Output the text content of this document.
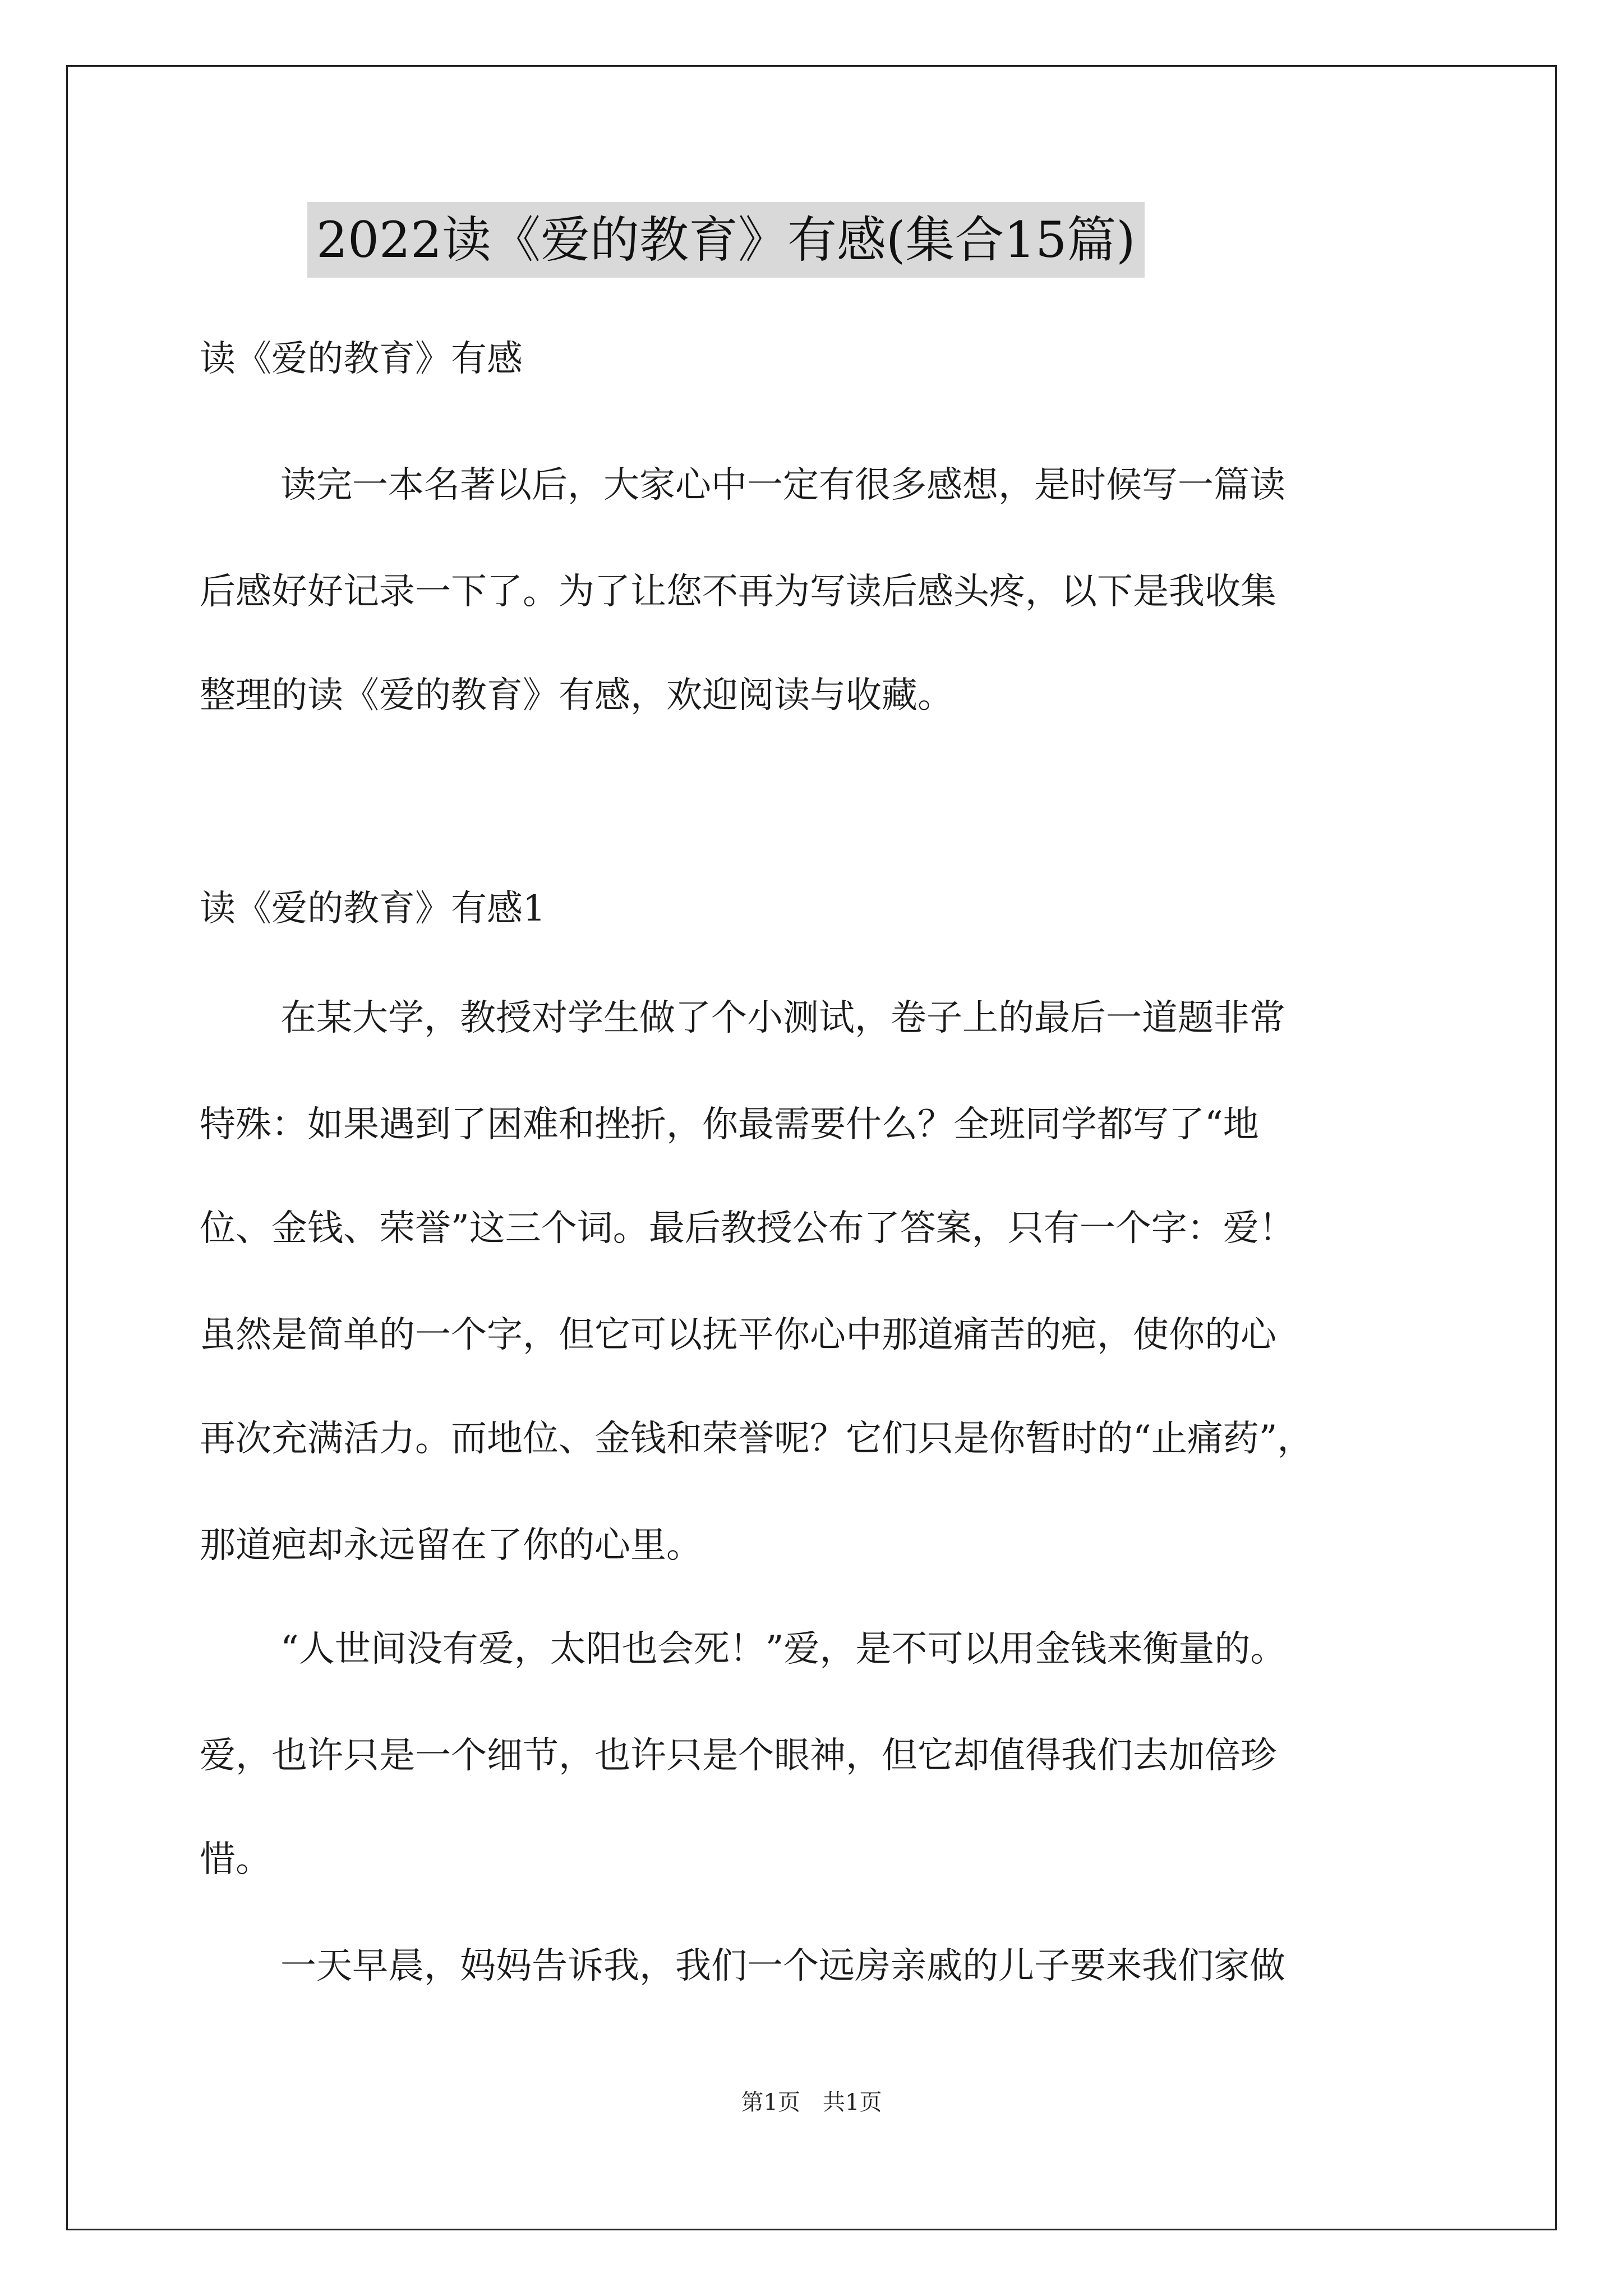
2022读《爱的教育》有感(集合15篇)
读《爱的教育》有感
读完一本名著以后，大家心中一定有很多感想，是时候写一篇读
后感好好记录一下了。为了让您不再为写读后感头疼，以下是我收集
整理的读《爱的教育》有感，欢迎阅读与收藏。
读《爱的教育》有感1
在某大学，教授对学生做了个小测试，卷子上的最后一道题非常
特殊：如果遇到了困难和挫折，你最需要什么？全班同学都写了“地
位、金钱、荣誉”这三个词。最后教授公布了答案，只有一个字：爱！
虽然是简单的一个字，但它可以抚平你心中那道痛苦的疤，使你的心
再次充满活力。而地位、金钱和荣誉呢？它们只是你暂时的“止痛药”，
那道疤却永远留在了你的心里。
“人世间没有爱，太阳也会死！”爱，是不可以用金钱来衡量的。
爱，也许只是一个细节，也许只是个眼神，但它却值得我们去加倍珍
惜。
一天早晨，妈妈告诉我，我们一个远房亲戚的儿子要来我们家做
第1页　共1页
